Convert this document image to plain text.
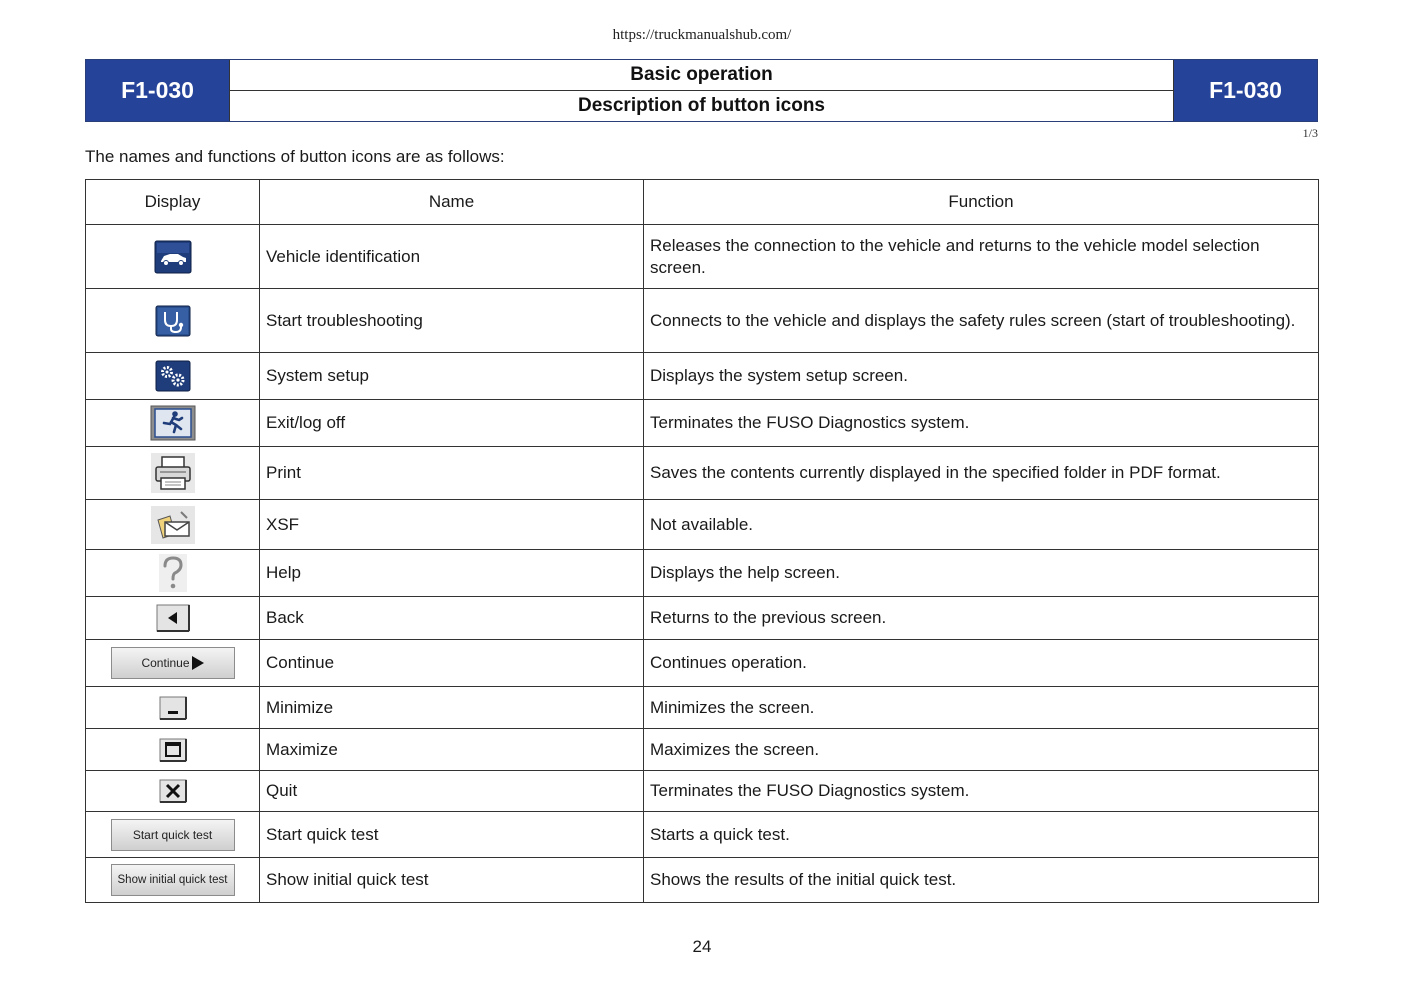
https://truckmanualshub.com/
F1-030
Basic operation
Description of button icons
F1-030
1/3
The names and functions of button icons are as follows:
Display	Name	Function

	Vehicle identification	Releases the connection to the vehicle and returns to the vehicle model selection screen.

	Start troubleshooting	Connects to the vehicle and displays the safety rules screen (start of troubleshooting).

	System setup	Displays the system setup screen.

	Exit/log off	Terminates the FUSO Diagnostics system.

	Print	Saves the contents currently displayed in the specified folder in PDF format.

	XSF	Not available.

	Help	Displays the help screen.

	Back	Returns to the previous screen.

Continue	Continue	Continues operation.

	Minimize	Minimizes the screen.

	Maximize	Maximizes the screen.

	Quit	Terminates the FUSO Diagnostics system.

Start quick test	Start quick test	Starts a quick test.

Show initial quick test	Show initial quick test	Shows the results of the initial quick test.
24
